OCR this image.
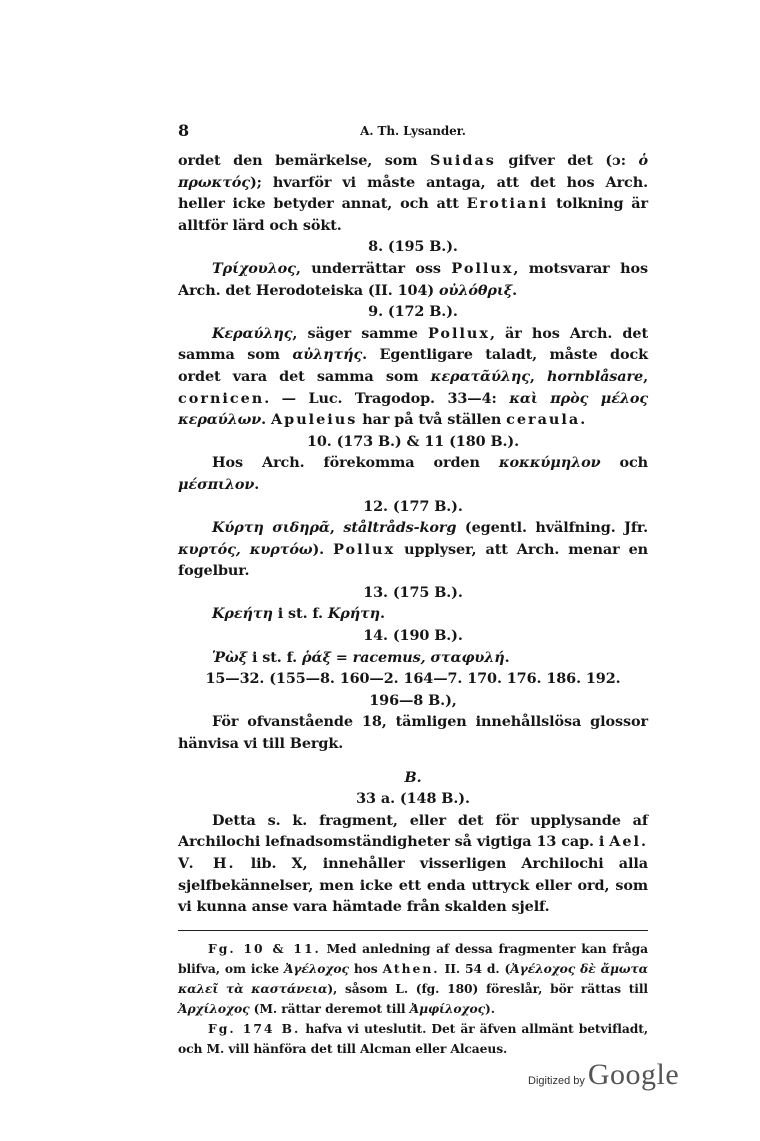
8	A. Th. Lysander.

ordet den bemärkelse, som Suidas gifver det (ɔ: ὁ πρωκτός); hvarför vi måste antaga, att det hos Arch. heller icke betyder annat, och att Erotiani tolkning är alltför lärd och sökt.

8. (195 B.).

Τρίχουλος, underrättar oss Pollux, motsvarar hos Arch. det Herodoteiska (II. 104) οὐλόθριξ.

9. (172 B.).

Κεραύλης, säger samme Pollux, är hos Arch. det samma som αὐλητής. Egentligare taladt, måste dock ordet vara det samma som κερατᾶύλης, hornblåsare, cornicen. — Luc. Tragodop. 33—4: καὶ πρὸς μέλος κεραύλων. Apuleius har på två ställen ceraula.

10. (173 B.) & 11 (180 B.).

Hos Arch. förekomma orden κοκκύμηλον och μέσπιλον.

12. (177 B.).

Κύρτη σιδηρᾶ, ståltråds-korg (egentl. hvälfning. Jfr. κυρτός, κυρτόω). Pollux upplyser, att Arch. menar en fogelbur.

13. (175 B.).

Κρεήτη i st. f. Κρήτη.

14. (190 B.).

Ῥὼξ i st. f. ῥάξ = racemus, σταφυλή.

15—32. (155—8. 160—2. 164—7. 170. 176. 186. 192.
196—8 B.),

För ofvanstående 18, tämligen innehållslösa glossor hänvisa vi till Bergk.

B.
33 a. (148 B.).

Detta s. k. fragment, eller det för upplysande af Archilochi lefnadsomständigheter så vigtiga 13 cap. i Ael. V. H. lib. X, innehåller visserligen Archilochi alla sjelfbekännelser, men icke ett enda uttryck eller ord, som vi kunna anse vara hämtade från skalden sjelf.

Fg. 10 & 11. Med anledning af dessa fragmenter kan fråga blifva, om icke Ἀγέλοχος hos Athen. II. 54 d. (Ἀγέλοχος δὲ ἄμωτα καλεῖ τὰ καστάνεια), såsom L. (fg. 180) föreslår, bör rättas till Ἀρχίλοχος (M. rättar deremot till Ἀμφίλοχος).

Fg. 174 B. hafva vi uteslutit. Det är äfven allmänt betvifladt, och M. vill hänföra det till Alcman eller Alcaeus.

Digitized by Google
